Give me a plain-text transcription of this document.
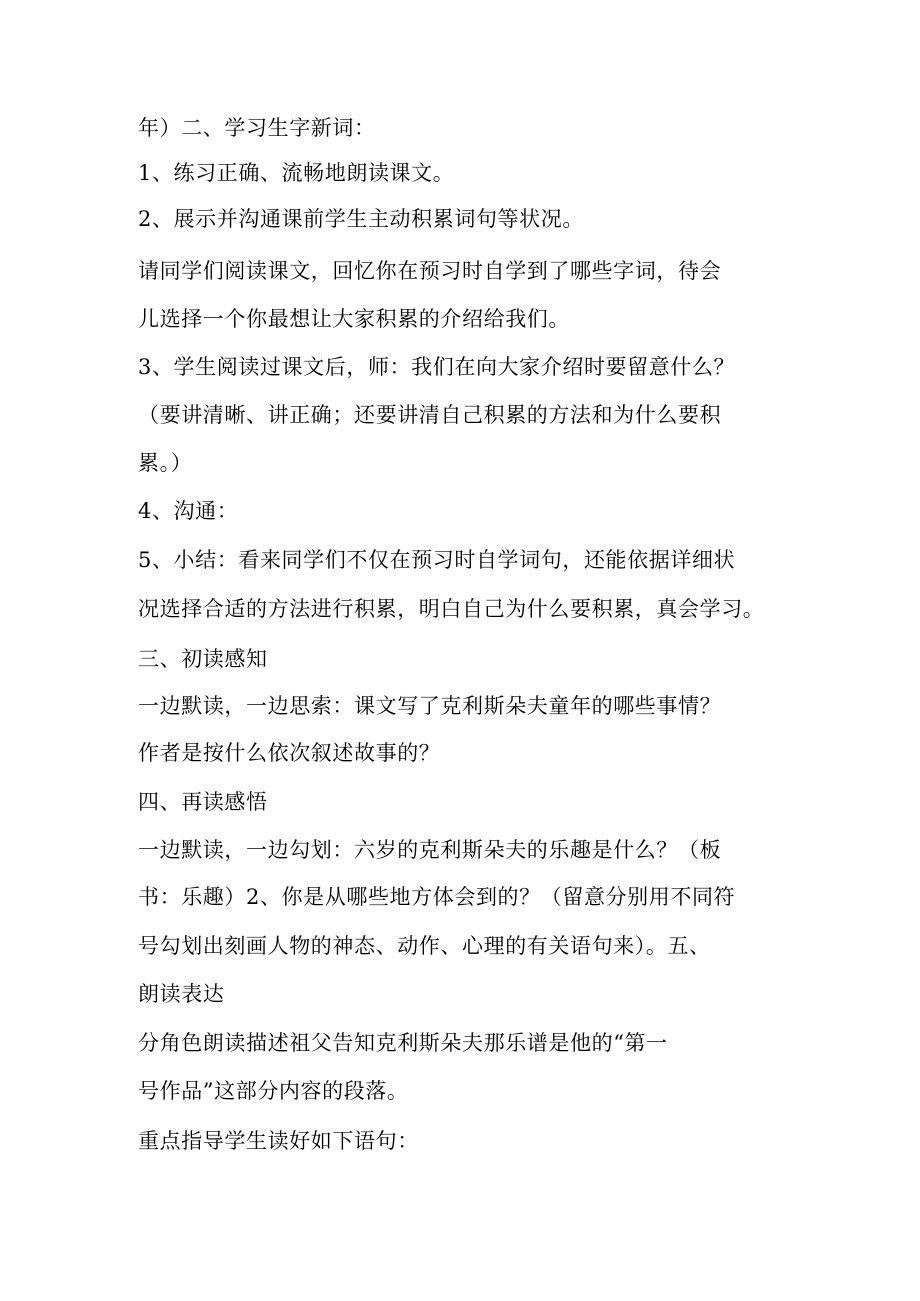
年）二、学习生字新词：
1、练习正确、流畅地朗读课文。
2、展示并沟通课前学生主动积累词句等状况。
请同学们阅读课文，回忆你在预习时自学到了哪些字词，待会
儿选择一个你最想让大家积累的介绍给我们。
3、学生阅读过课文后，师：我们在向大家介绍时要留意什么？
（要讲清晰、讲正确；还要讲清自己积累的方法和为什么要积
累。）
4、沟通：
5、小结：看来同学们不仅在预习时自学词句，还能依据详细状
况选择合适的方法进行积累，明白自己为什么要积累，真会学习。
三、初读感知
一边默读，一边思索：课文写了克利斯朵夫童年的哪些事情？
作者是按什么依次叙述故事的？
四、再读感悟
一边默读，一边勾划：六岁的克利斯朵夫的乐趣是什么？（板
书：乐趣）2、你是从哪些地方体会到的？（留意分别用不同符
号勾划出刻画人物的神态、动作、心理的有关语句来）。五、
朗读表达
分角色朗读描述祖父告知克利斯朵夫那乐谱是他的“第一
号作品”这部分内容的段落。
重点指导学生读好如下语句：
